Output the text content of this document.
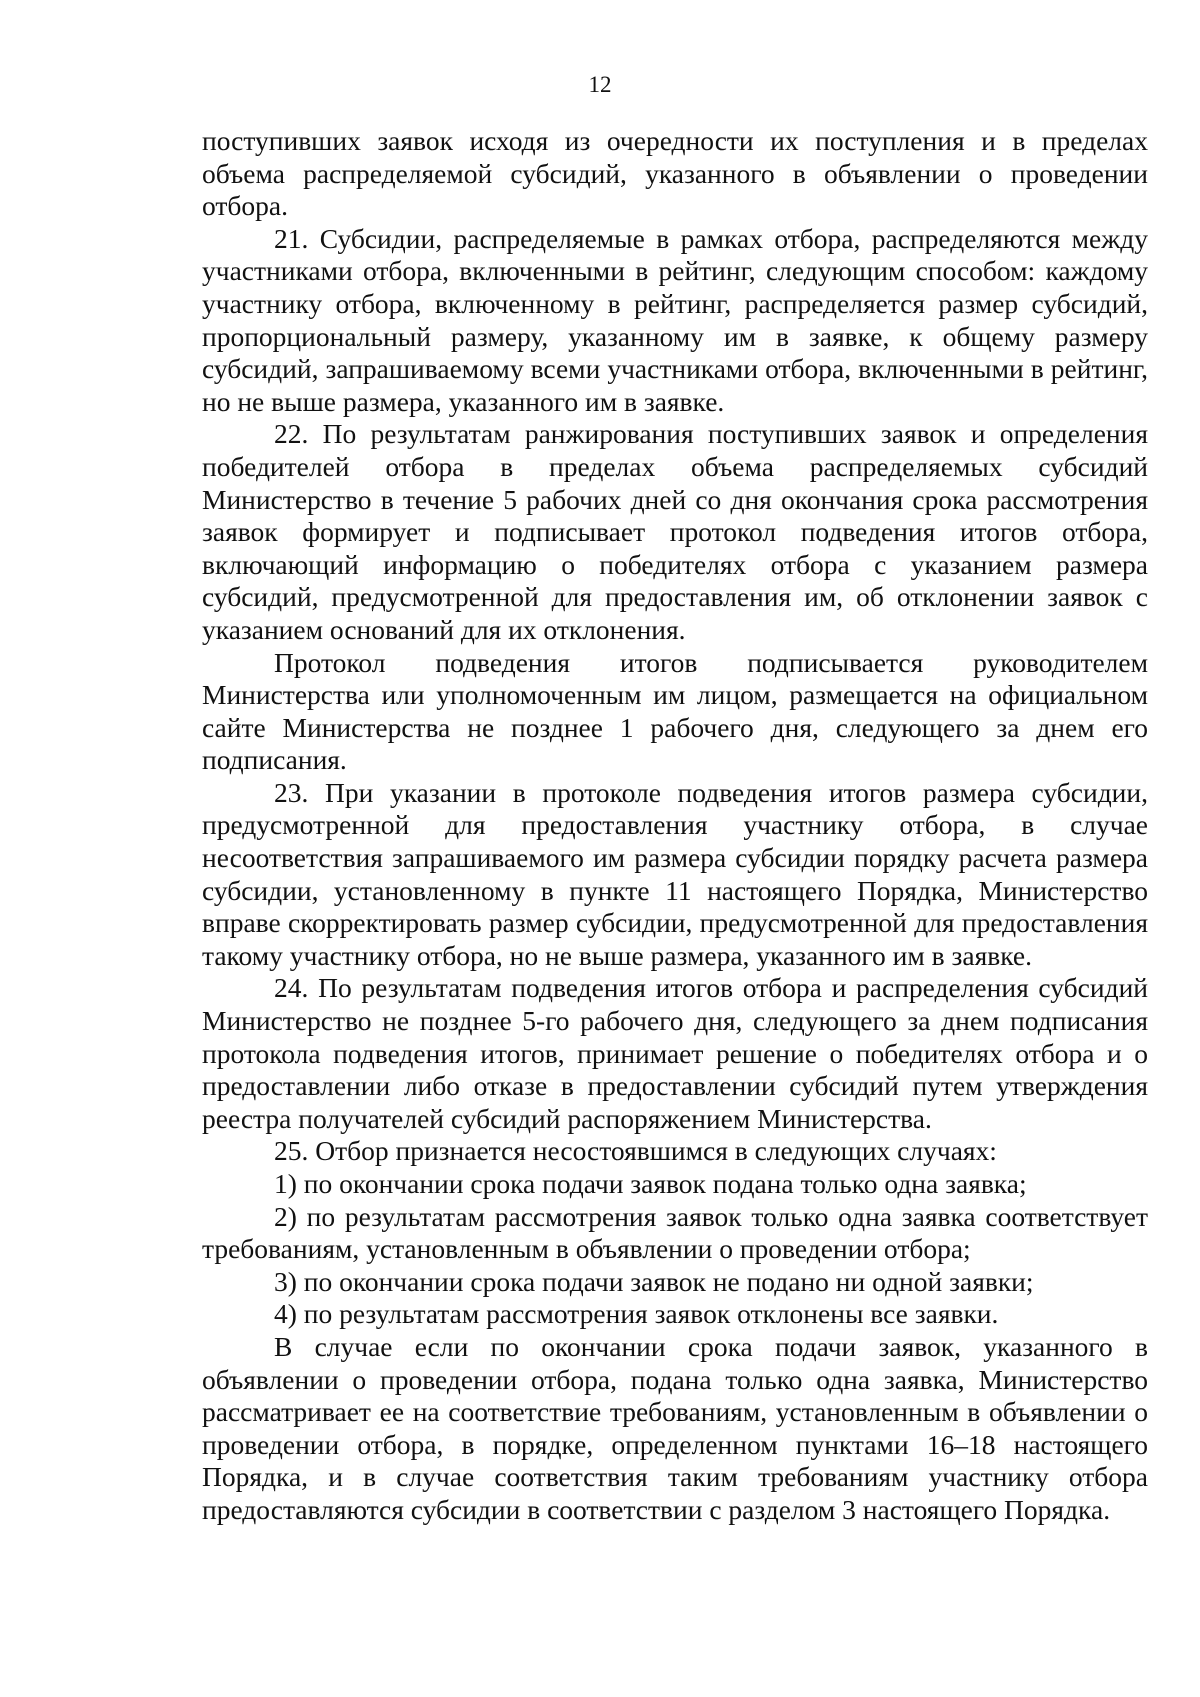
12

поступивших заявок исходя из очередности их поступления и в пределах объема распределяемой субсидий, указанного в объявлении о проведении отбора.

21. Субсидии, распределяемые в рамках отбора, распределяются между участниками отбора, включенными в рейтинг, следующим способом: каждому участнику отбора, включенному в рейтинг, распределяется размер субсидий, пропорциональный размеру, указанному им в заявке, к общему размеру субсидий, запрашиваемому всеми участниками отбора, включенными в рейтинг, но не выше размера, указанного им в заявке.

22. По результатам ранжирования поступивших заявок и определения победителей отбора в пределах объема распределяемых субсидий Министерство в течение 5 рабочих дней со дня окончания срока рассмотрения заявок формирует и подписывает протокол подведения итогов отбора, включающий информацию о победителях отбора с указанием размера субсидий, предусмотренной для предоставления им, об отклонении заявок с указанием оснований для их отклонения.

Протокол подведения итогов подписывается руководителем Министерства или уполномоченным им лицом, размещается на официальном сайте Министерства не позднее 1 рабочего дня, следующего за днем его подписания.

23. При указании в протоколе подведения итогов размера субсидии, предусмотренной для предоставления участнику отбора, в случае несоответствия запрашиваемого им размера субсидии порядку расчета размера субсидии, установленному в пункте 11 настоящего Порядка, Министерство вправе скорректировать размер субсидии, предусмотренной для предоставления такому участнику отбора, но не выше размера, указанного им в заявке.

24. По результатам подведения итогов отбора и распределения субсидий Министерство не позднее 5-го рабочего дня, следующего за днем подписания протокола подведения итогов, принимает решение о победителях отбора и о предоставлении либо отказе в предоставлении субсидий путем утверждения реестра получателей субсидий распоряжением Министерства.

25. Отбор признается несостоявшимся в следующих случаях:

1) по окончании срока подачи заявок подана только одна заявка;

2) по результатам рассмотрения заявок только одна заявка соответствует требованиям, установленным в объявлении о проведении отбора;

3) по окончании срока подачи заявок не подано ни одной заявки;

4) по результатам рассмотрения заявок отклонены все заявки.

В случае если по окончании срока подачи заявок, указанного в объявлении о проведении отбора, подана только одна заявка, Министерство рассматривает ее на соответствие требованиям, установленным в объявлении о проведении отбора, в порядке, определенном пунктами 16–18 настоящего Порядка, и в случае соответствия таким требованиям участнику отбора предоставляются субсидии в соответствии с разделом 3 настоящего Порядка.
